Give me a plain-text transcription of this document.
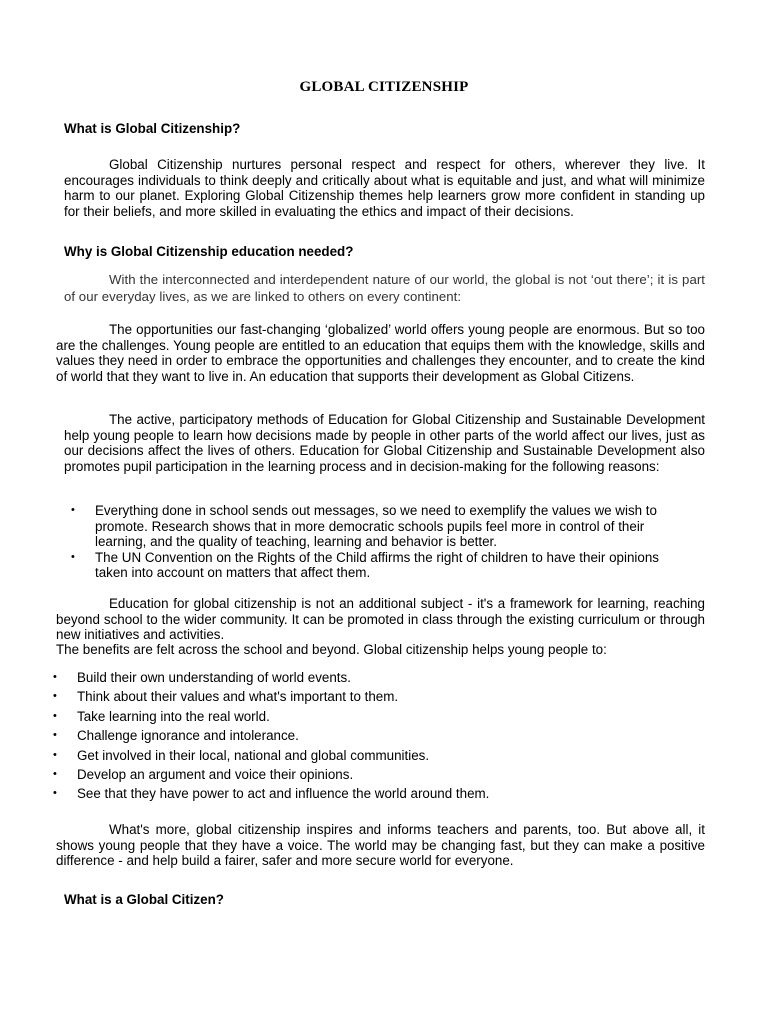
GLOBAL CITIZENSHIP
What is Global Citizenship?

Global Citizenship nurtures personal respect and respect for others, wherever they live. It encourages individuals to think deeply and critically about what is equitable and just, and what will minimize harm to our planet. Exploring Global Citizenship themes help learners grow more confident in standing up for their beliefs, and more skilled in evaluating the ethics and impact of their decisions.

Why is Global Citizenship education needed?

With the interconnected and interdependent nature of our world, the global is not ‘out there’; it is part of our everyday lives, as we are linked to others on every continent:

The opportunities our fast-changing ‘globalized’ world offers young people are enormous. But so too are the challenges. Young people are entitled to an education that equips them with the knowledge, skills and values they need in order to embrace the opportunities and challenges they encounter, and to create the kind of world that they want to live in. An education that supports their development as Global Citizens.

The active, participatory methods of Education for Global Citizenship and Sustainable Development help young people to learn how decisions made by people in other parts of the world affect our lives, just as our decisions affect the lives of others. Education for Global Citizenship and Sustainable Development also promotes pupil participation in the learning process and in decision-making for the following reasons:

• Everything done in school sends out messages, so we need to exemplify the values we wish to promote. Research shows that in more democratic schools pupils feel more in control of their learning, and the quality of teaching, learning and behavior is better.
• The UN Convention on the Rights of the Child affirms the right of children to have their opinions taken into account on matters that affect them.

Education for global citizenship is not an additional subject - it's a framework for learning, reaching beyond school to the wider community. It can be promoted in class through the existing curriculum or through new initiatives and activities.

The benefits are felt across the school and beyond. Global citizenship helps young people to:

• Build their own understanding of world events.
• Think about their values and what's important to them.
• Take learning into the real world.
• Challenge ignorance and intolerance.
• Get involved in their local, national and global communities.
• Develop an argument and voice their opinions.
• See that they have power to act and influence the world around them.

What's more, global citizenship inspires and informs teachers and parents, too. But above all, it shows young people that they have a voice. The world may be changing fast, but they can make a positive difference - and help build a fairer, safer and more secure world for everyone.

What is a Global Citizen?
